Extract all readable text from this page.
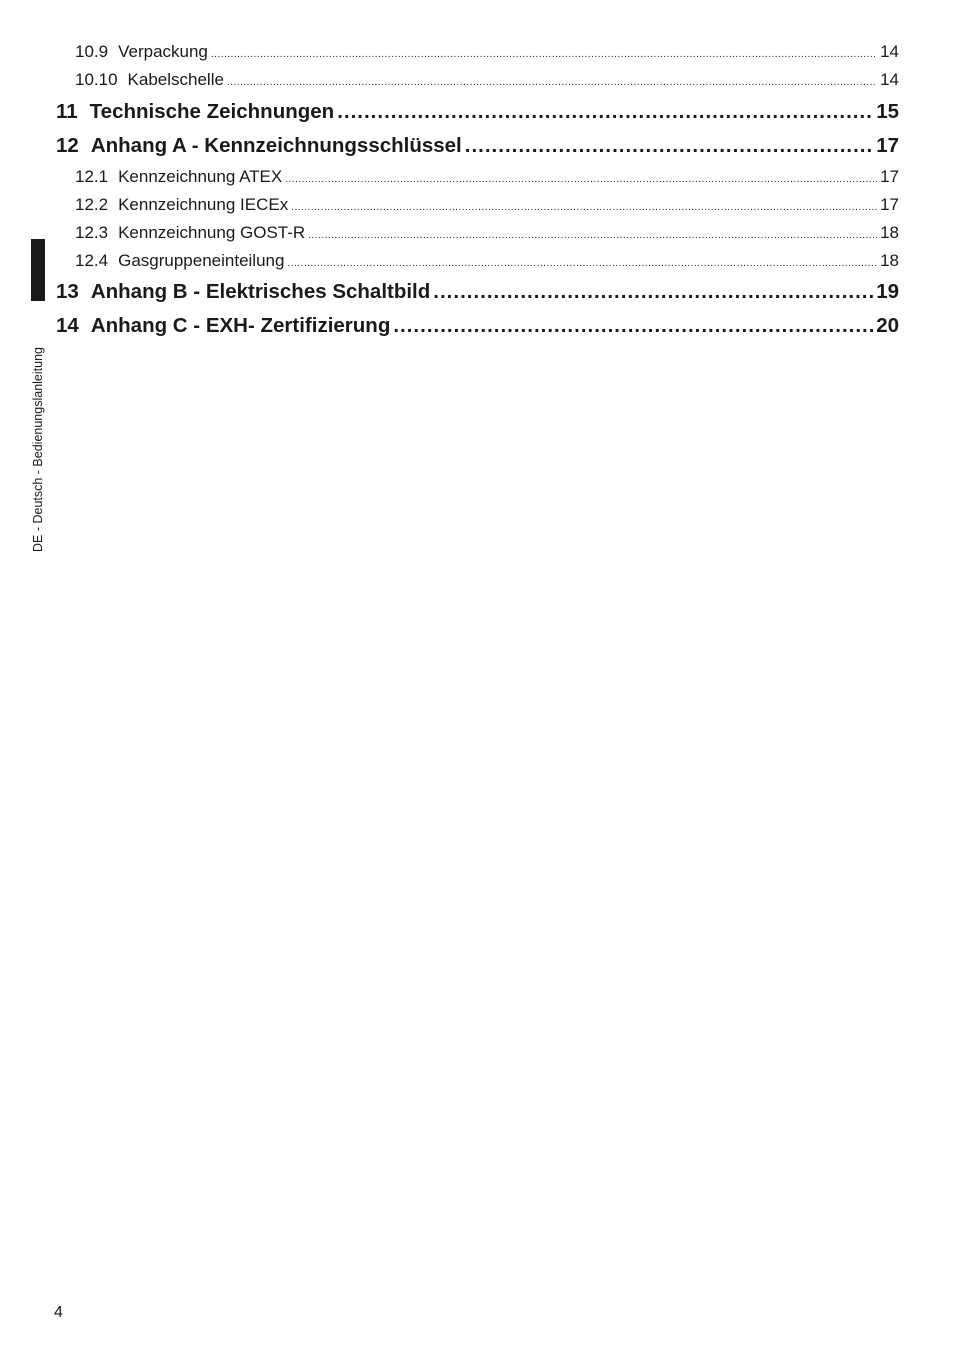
10.9 Verpackung .....	14
10.10 Kabelschelle .....	14
11 Technische Zeichnungen .....	15
12 Anhang A - Kennzeichnungsschlüssel .....	17
12.1 Kennzeichnung ATEX .....	17
12.2 Kennzeichnung IECEx .....	17
12.3 Kennzeichnung GOST-R .....	18
12.4 Gasgruppeneinteilung .....	18
13 Anhang B - Elektrisches Schaltbild .....	19
14 Anhang C - EXH- Zertifizierung .....	20
DE - Deutsch - Bedienungslanleitung
4
